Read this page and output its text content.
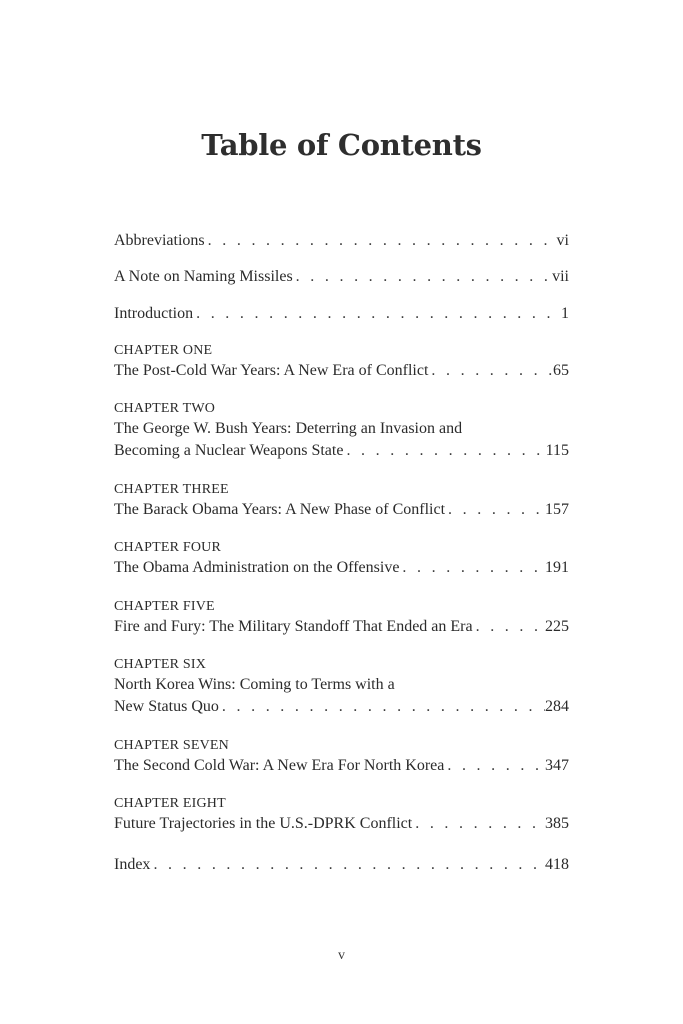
Table of Contents
Abbreviations . . .	vi
A Note on Naming Missiles . . .	vii
Introduction . . .	1
CHAPTER ONE
The Post-Cold War Years: A New Era of Conflict . . .	65
CHAPTER TWO
The George W. Bush Years: Deterring an Invasion and
Becoming a Nuclear Weapons State . . .	115
CHAPTER THREE
The Barack Obama Years: A New Phase of Conflict . . .	157
CHAPTER FOUR
The Obama Administration on the Offensive . . .	191
CHAPTER FIVE
Fire and Fury: The Military Standoff That Ended an Era . . .	225
CHAPTER SIX
North Korea Wins: Coming to Terms with a
New Status Quo . . .	284
CHAPTER SEVEN
The Second Cold War: A New Era For North Korea . . .	347
CHAPTER EIGHT
Future Trajectories in the U.S.-DPRK Conflict . . .	385
Index . . .	418
v
